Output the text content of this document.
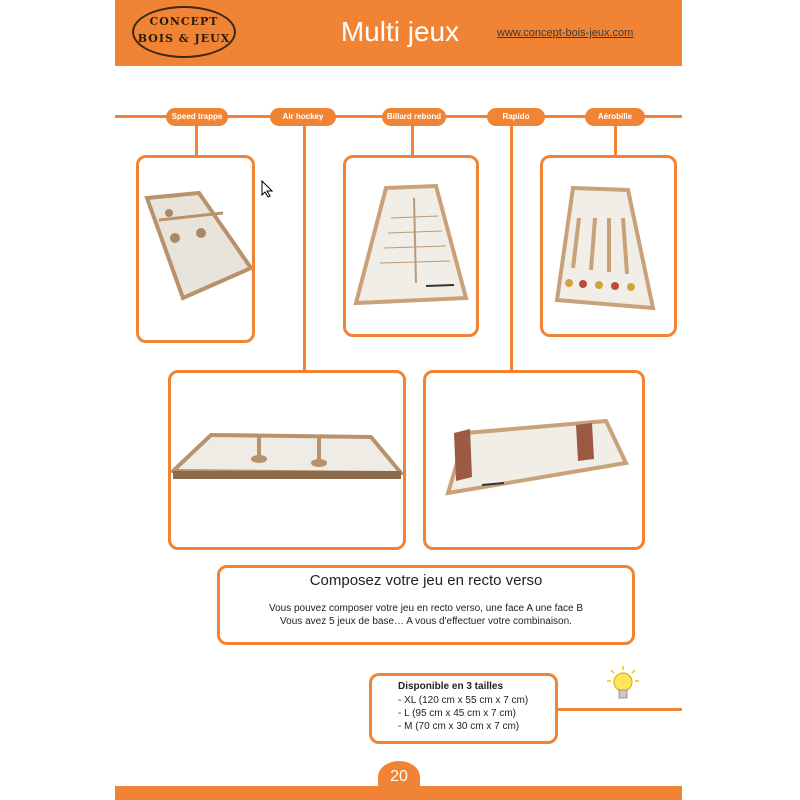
CONCEPT
BOIS & JEUX	Multi jeux	www.concept-bois-jeux.com
Speed trappe	Air hockey	Billard rebond	Rapido	Aérobille
Composez votre jeu en recto verso
Vous pouvez composer votre jeu en recto verso, une face A une face B
Vous avez 5 jeux de base… A vous d'effectuer votre combinaison.
Disponible en 3 tailles
- XL (120 cm x 55 cm x 7 cm)
- L (95 cm x 45 cm x 7 cm)
- M (70 cm x 30 cm x 7 cm)
20
